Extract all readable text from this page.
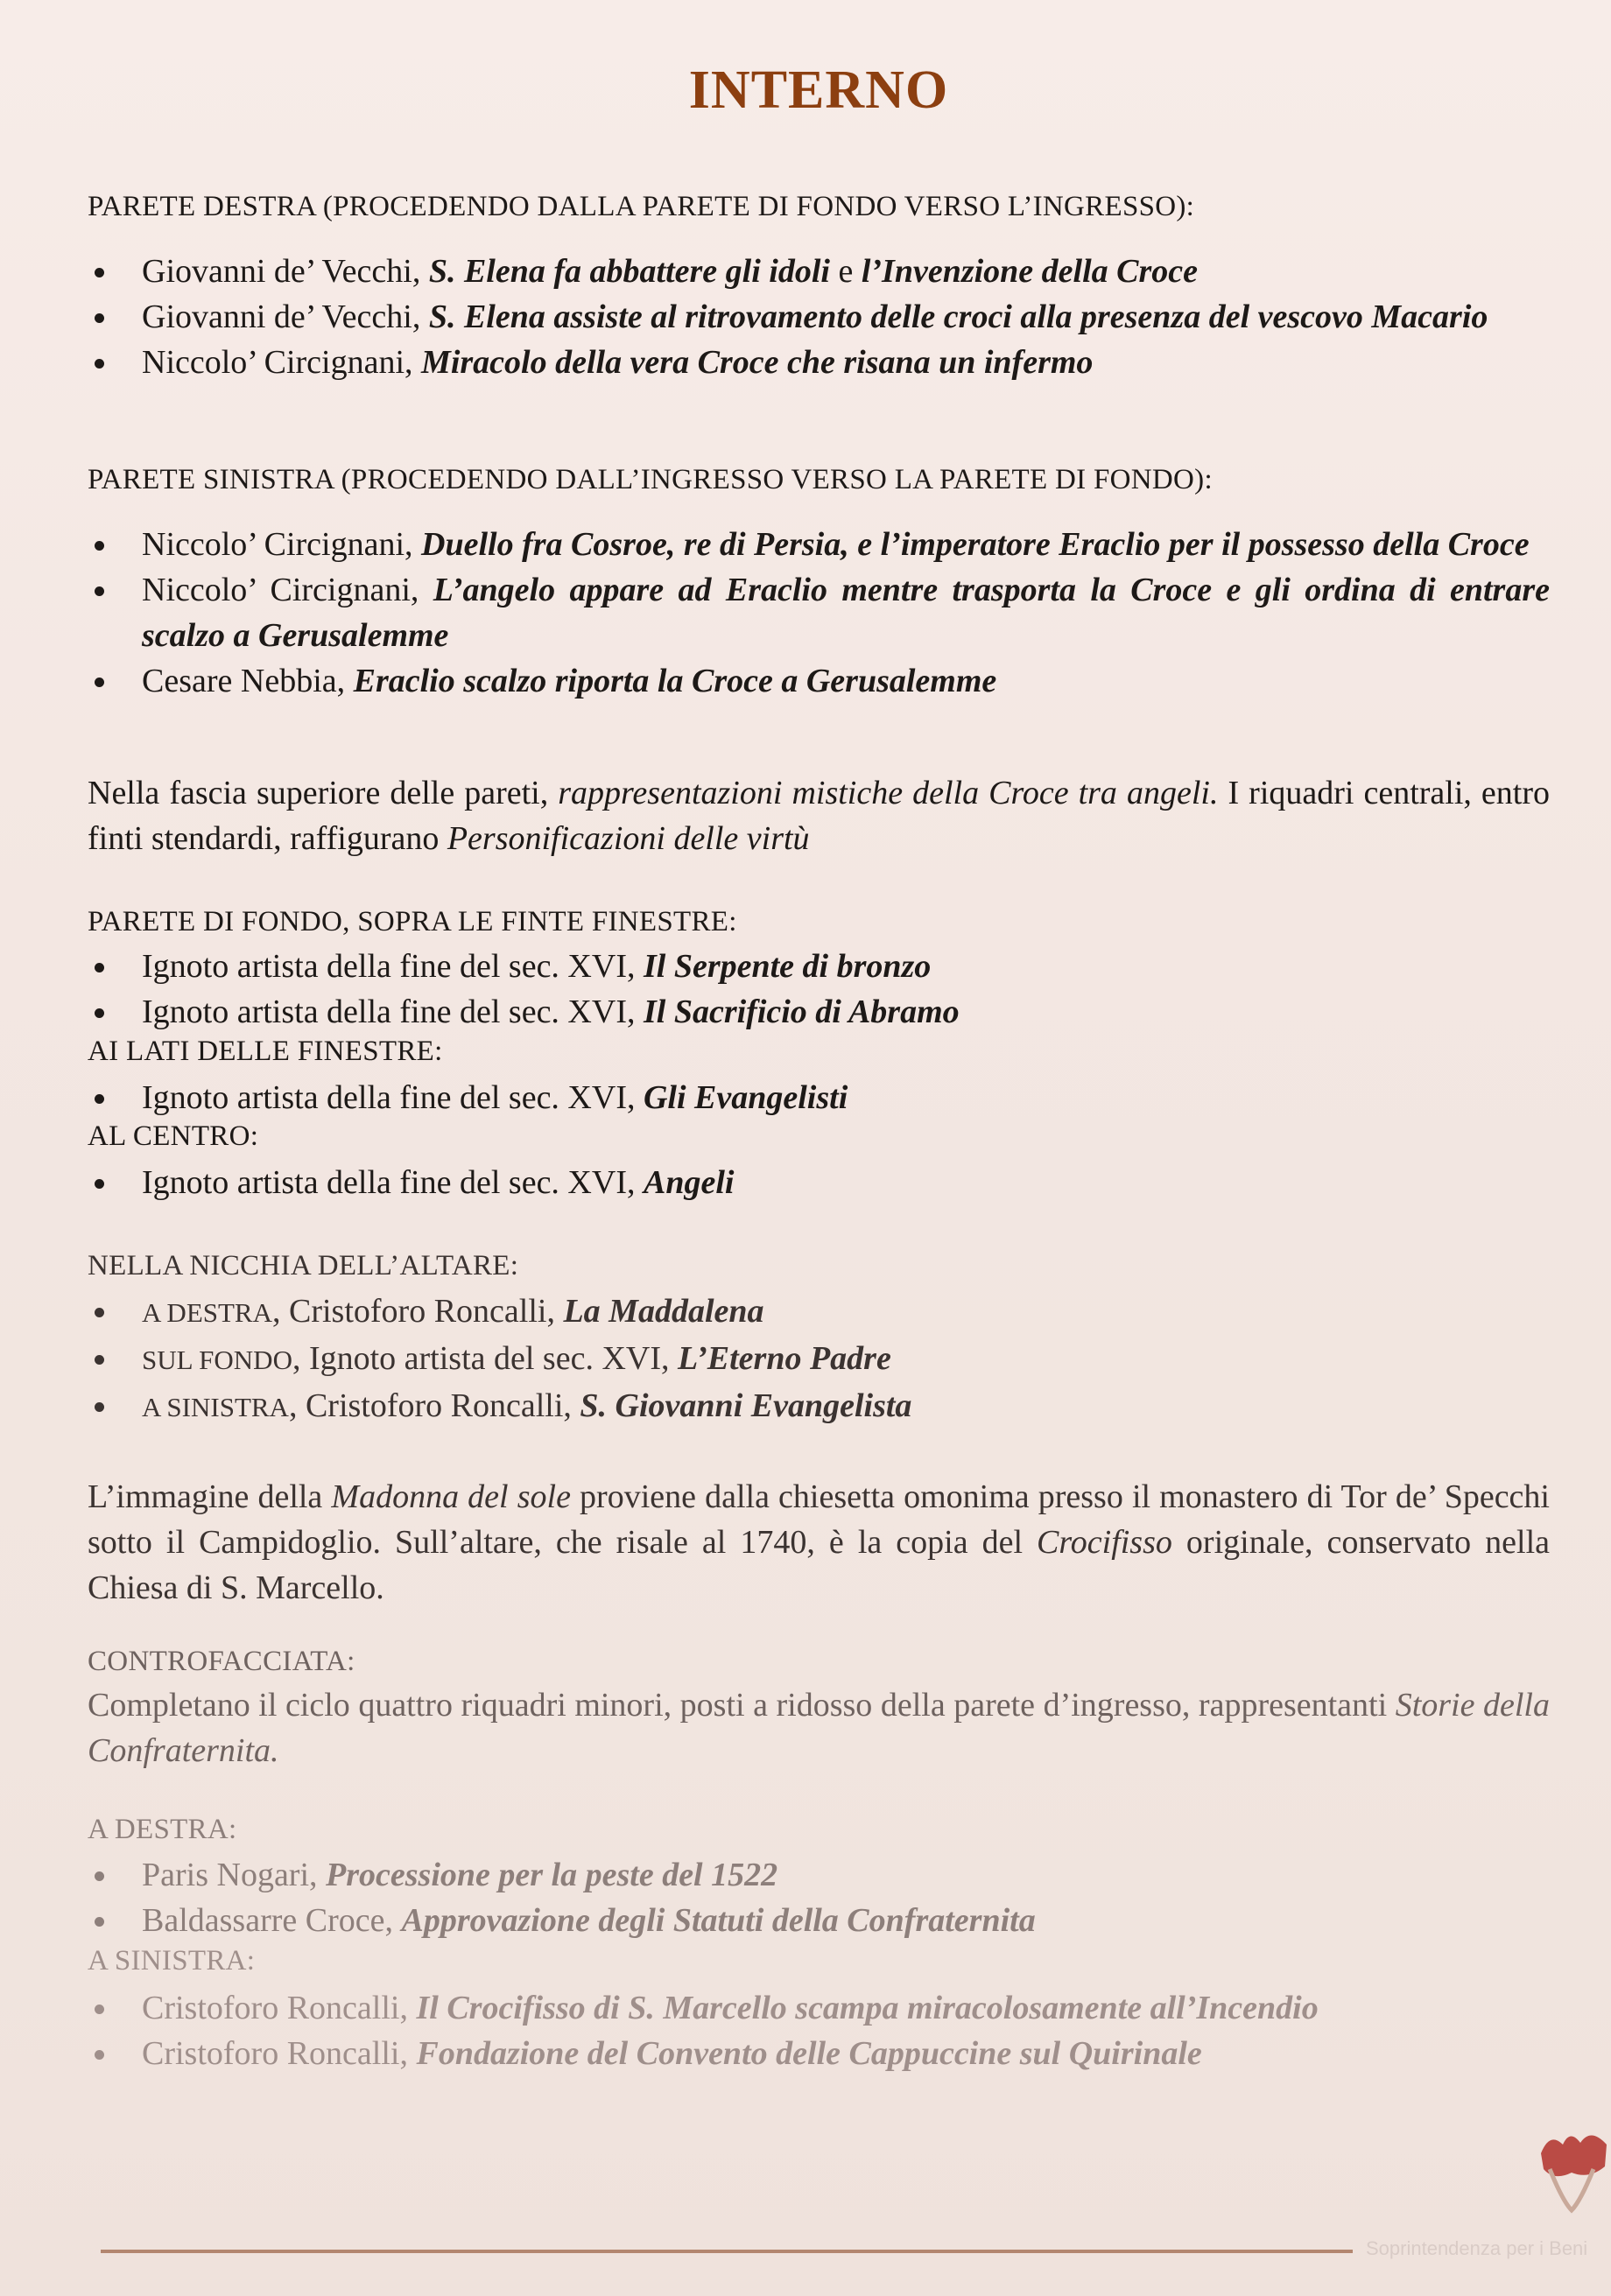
INTERNO
PARETE DESTRA (PROCEDENDO DALLA PARETE DI FONDO VERSO L’INGRESSO):
Giovanni de’ Vecchi, S. Elena fa abbattere gli idoli e l’Invenzione della Croce
Giovanni de’ Vecchi, S. Elena assiste al ritrovamento delle croci alla presenza del vescovo Macario
Niccolo’ Circignani, Miracolo della vera Croce che risana un infermo
PARETE SINISTRA (PROCEDENDO DALL’INGRESSO VERSO LA PARETE DI FONDO):
Niccolo’ Circignani, Duello fra Cosroe, re di Persia, e l’imperatore Eraclio per il possesso della Croce
Niccolo’ Circignani, L’angelo appare ad Eraclio mentre trasporta la Croce e gli ordina di entrare scalzo a Gerusalemme
Cesare Nebbia, Eraclio scalzo riporta la Croce a Gerusalemme
Nella fascia superiore delle pareti, rappresentazioni mistiche della Croce tra angeli. I riquadri centrali, entro finti stendardi, raffigurano Personificazioni delle virtù
PARETE DI FONDO, SOPRA LE FINTE FINESTRE:
Ignoto artista della fine del sec. XVI, Il Serpente di bronzo
Ignoto artista della fine del sec. XVI, Il Sacrificio di Abramo
AI LATI DELLE FINESTRE:
Ignoto artista della fine del sec. XVI, Gli Evangelisti
AL CENTRO:
Ignoto artista della fine del sec. XVI, Angeli
NELLA NICCHIA DELL’ALTARE:
A DESTRA, Cristoforo Roncalli, La Maddalena
SUL FONDO, Ignoto artista del sec. XVI, L’Eterno Padre
A SINISTRA, Cristoforo Roncalli, S. Giovanni Evangelista
L’immagine della Madonna del sole proviene dalla chiesetta omonima presso il monastero di Tor de’ Specchi sotto il Campidoglio. Sull’altare, che risale al 1740, è la copia del Crocifisso originale, conservato nella Chiesa di S. Marcello.
CONTROFACCIATA:
Completano il ciclo quattro riquadri minori, posti a ridosso della parete d’ingresso, rappresentanti Storie della Confraternita.
A DESTRA:
Paris Nogari, Processione per la peste del 1522
Baldassarre Croce, Approvazione degli Statuti della Confraternita
A SINISTRA:
Cristoforo Roncalli, Il Crocifisso di S. Marcello scampa miracolosamente all’Incendio
Cristoforo Roncalli, Fondazione del Convento delle Cappuccine sul Quirinale
Soprintendenza per i Beni
